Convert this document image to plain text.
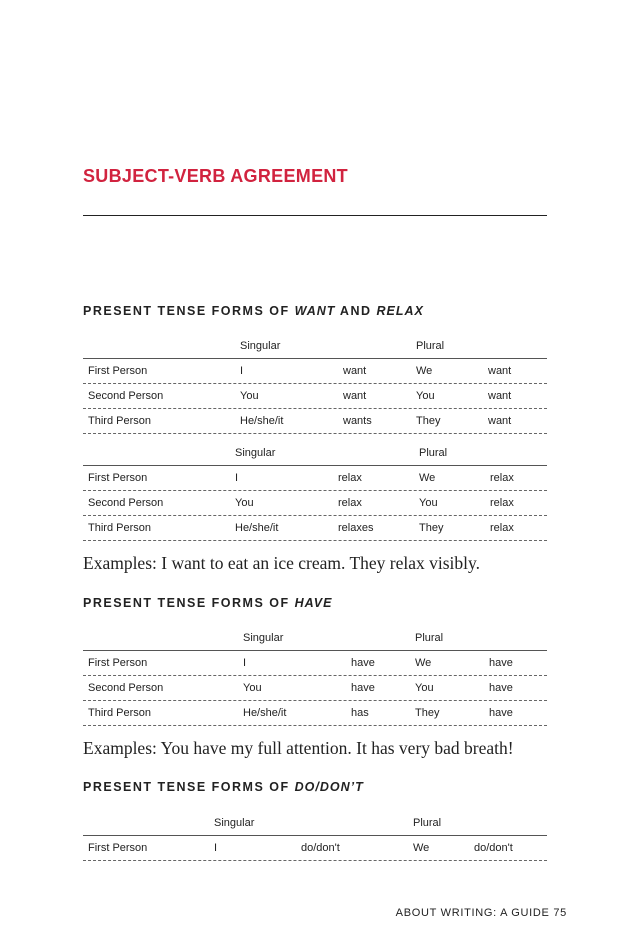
SUBJECT-VERB AGREEMENT
PRESENT TENSE FORMS OF WANT AND RELAX
Singular	Plural
First Person	I	want	We	want
Second Person	You	want	You	want
Third Person	He/she/it	wants	They	want
Singular	Plural
First Person	I	relax	We	relax
Second Person	You	relax	You	relax
Third Person	He/she/it	relaxes	They	relax

Examples: I want to eat an ice cream. They relax visibly.

PRESENT TENSE FORMS OF HAVE
Singular	Plural
First Person	I	have	We	have
Second Person	You	have	You	have
Third Person	He/she/it	has	They	have

Examples: You have my full attention. It has very bad breath!

PRESENT TENSE FORMS OF DO/DON’T
Singular	Plural
First Person	I	do/don't	We	do/don't
ABOUT WRITING: A GUIDE 75
